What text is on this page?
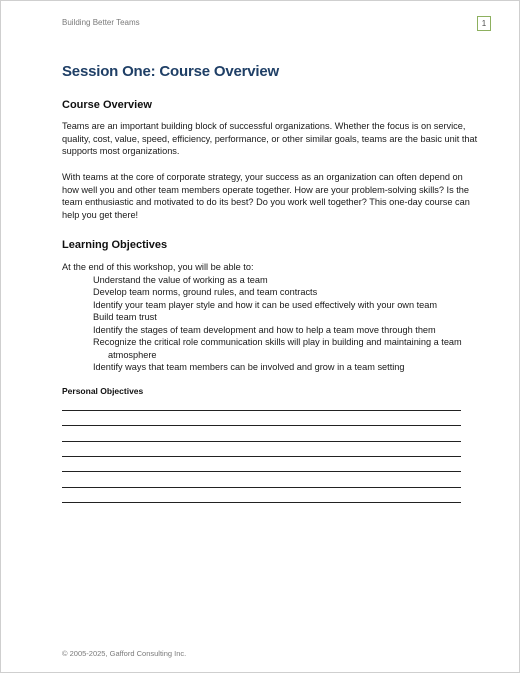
Building Better Teams	1
Session One: Course Overview
Course Overview

Teams are an important building block of successful organizations. Whether the focus is on service, quality, cost, value, speed, efficiency, performance, or other similar goals, teams are the basic unit that supports most organizations.

With teams at the core of corporate strategy, your success as an organization can often depend on how well you and other team members operate together. How are your problem-solving skills? Is the team enthusiastic and motivated to do its best? Do you work well together? This one-day course can help you get there!

Learning Objectives
At the end of this workshop, you will be able to:
Understand the value of working as a team
Develop team norms, ground rules, and team contracts
Identify your team player style and how it can be used effectively with your own team
Build team trust
Identify the stages of team development and how to help a team move through them
Recognize the critical role communication skills will play in building and maintaining a team atmosphere
Identify ways that team members can be involved and grow in a team setting
Personal Objectives
© 2005-2025, Gafford Consulting Inc.
